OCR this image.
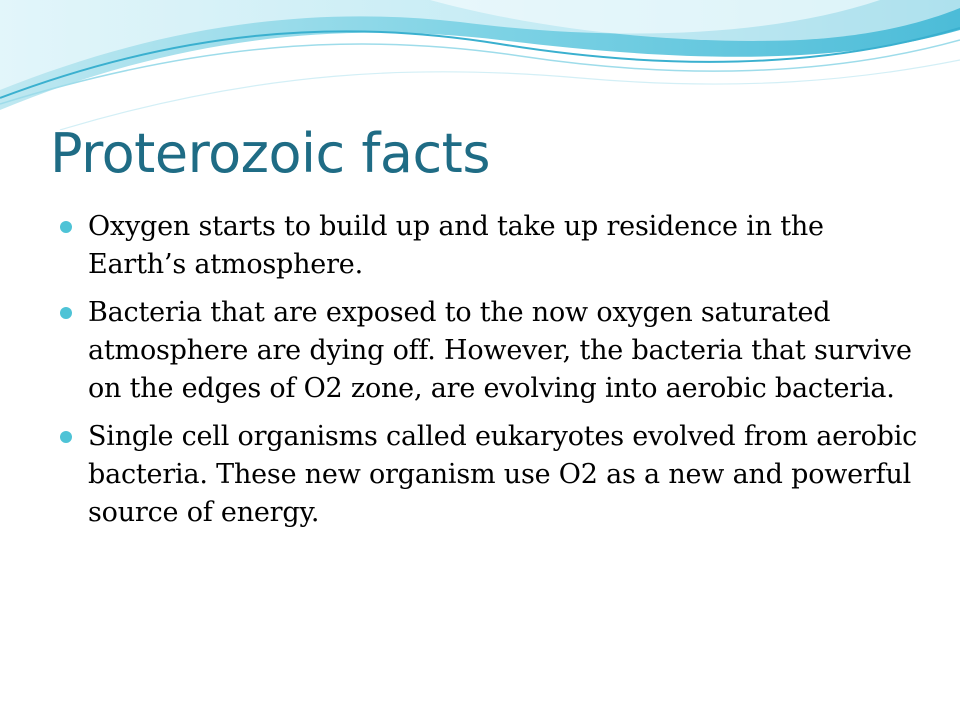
Proterozoic facts
Oxygen starts to build up and take up residence in the Earth’s atmosphere.
Bacteria that are exposed to the now oxygen saturated atmosphere are dying off. However, the bacteria that survive on the edges of O2 zone, are evolving into aerobic bacteria.
Single cell organisms called eukaryotes evolved from aerobic bacteria. These new organism use O2 as a new and powerful source of energy.
